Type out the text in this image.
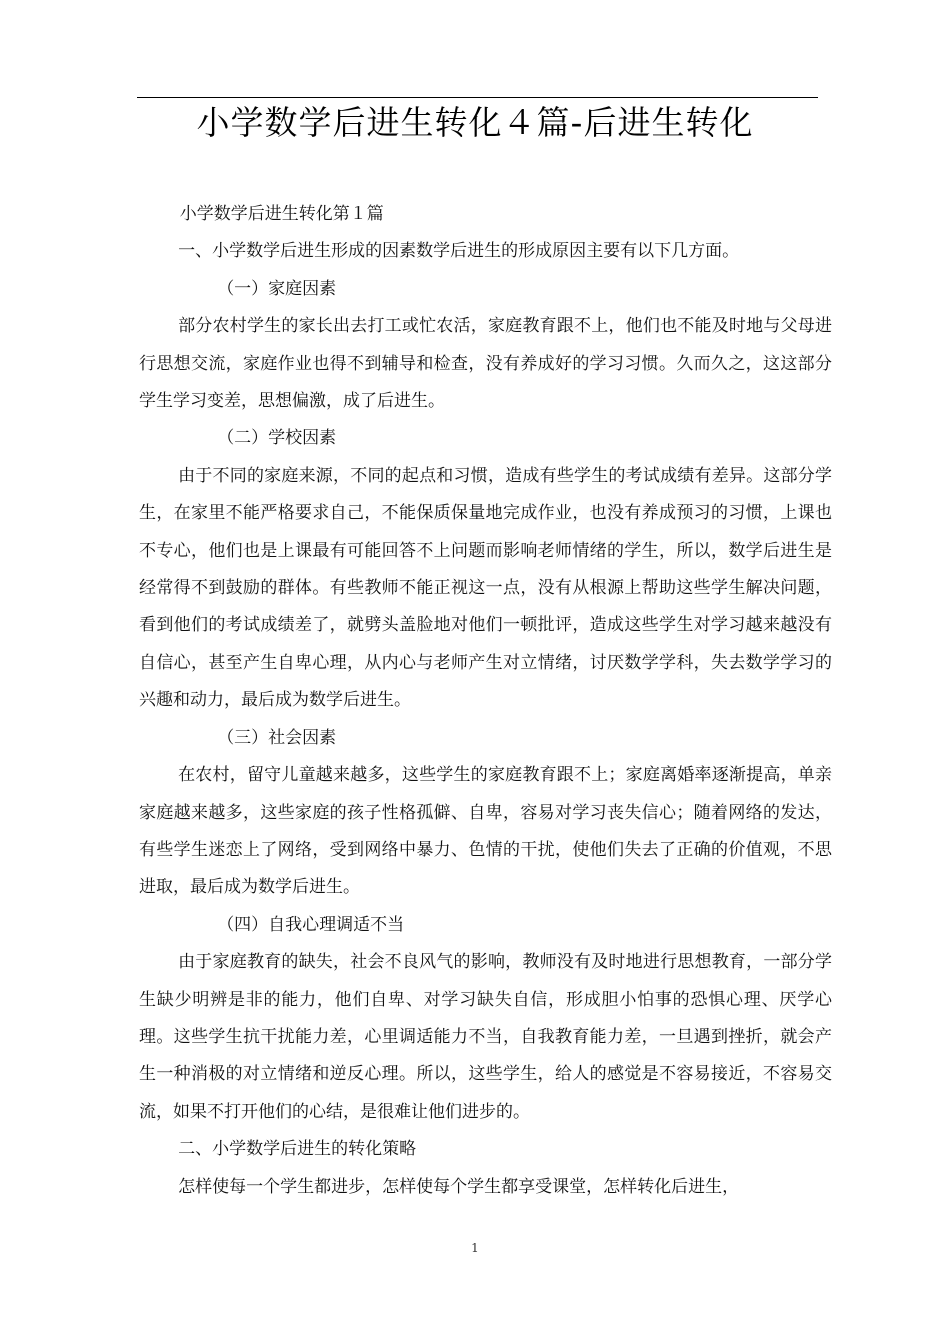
小学数学后进生转化４篇-后进生转化

小学数学后进生转化第１篇

一、小学数学后进生形成的因素数学后进生的形成原因主要有以下几方面。

（一）家庭因素

部分农村学生的家长出去打工或忙农活，家庭教育跟不上，他们也不能及时地与父母进行思想交流，家庭作业也得不到辅导和检查，没有养成好的学习习惯。久而久之，这这部分学生学习变差，思想偏激，成了后进生。

（二）学校因素

由于不同的家庭来源，不同的起点和习惯，造成有些学生的考试成绩有差异。这部分学生，在家里不能严格要求自己，不能保质保量地完成作业，也没有养成预习的习惯，上课也不专心，他们也是上课最有可能回答不上问题而影响老师情绪的学生，所以，数学后进生是经常得不到鼓励的群体。有些教师不能正视这一点，没有从根源上帮助这些学生解决问题，看到他们的考试成绩差了，就劈头盖脸地对他们一顿批评，造成这些学生对学习越来越没有自信心，甚至产生自卑心理，从内心与老师产生对立情绪，讨厌数学学科，失去数学学习的兴趣和动力，最后成为数学后进生。

（三）社会因素

在农村，留守儿童越来越多，这些学生的家庭教育跟不上；家庭离婚率逐渐提高，单亲家庭越来越多，这些家庭的孩子性格孤僻、自卑，容易对学习丧失信心；随着网络的发达，有些学生迷恋上了网络，受到网络中暴力、色情的干扰，使他们失去了正确的价值观，不思进取，最后成为数学后进生。

（四）自我心理调适不当

由于家庭教育的缺失，社会不良风气的影响，教师没有及时地进行思想教育，一部分学生缺少明辨是非的能力，他们自卑、对学习缺失自信，形成胆小怕事的恐惧心理、厌学心理。这些学生抗干扰能力差，心里调适能力不当，自我教育能力差，一旦遇到挫折，就会产生一种消极的对立情绪和逆反心理。所以，这些学生，给人的感觉是不容易接近，不容易交流，如果不打开他们的心结，是很难让他们进步的。

二、小学数学后进生的转化策略

怎样使每一个学生都进步，怎样使每个学生都享受课堂，怎样转化后进生，

1
